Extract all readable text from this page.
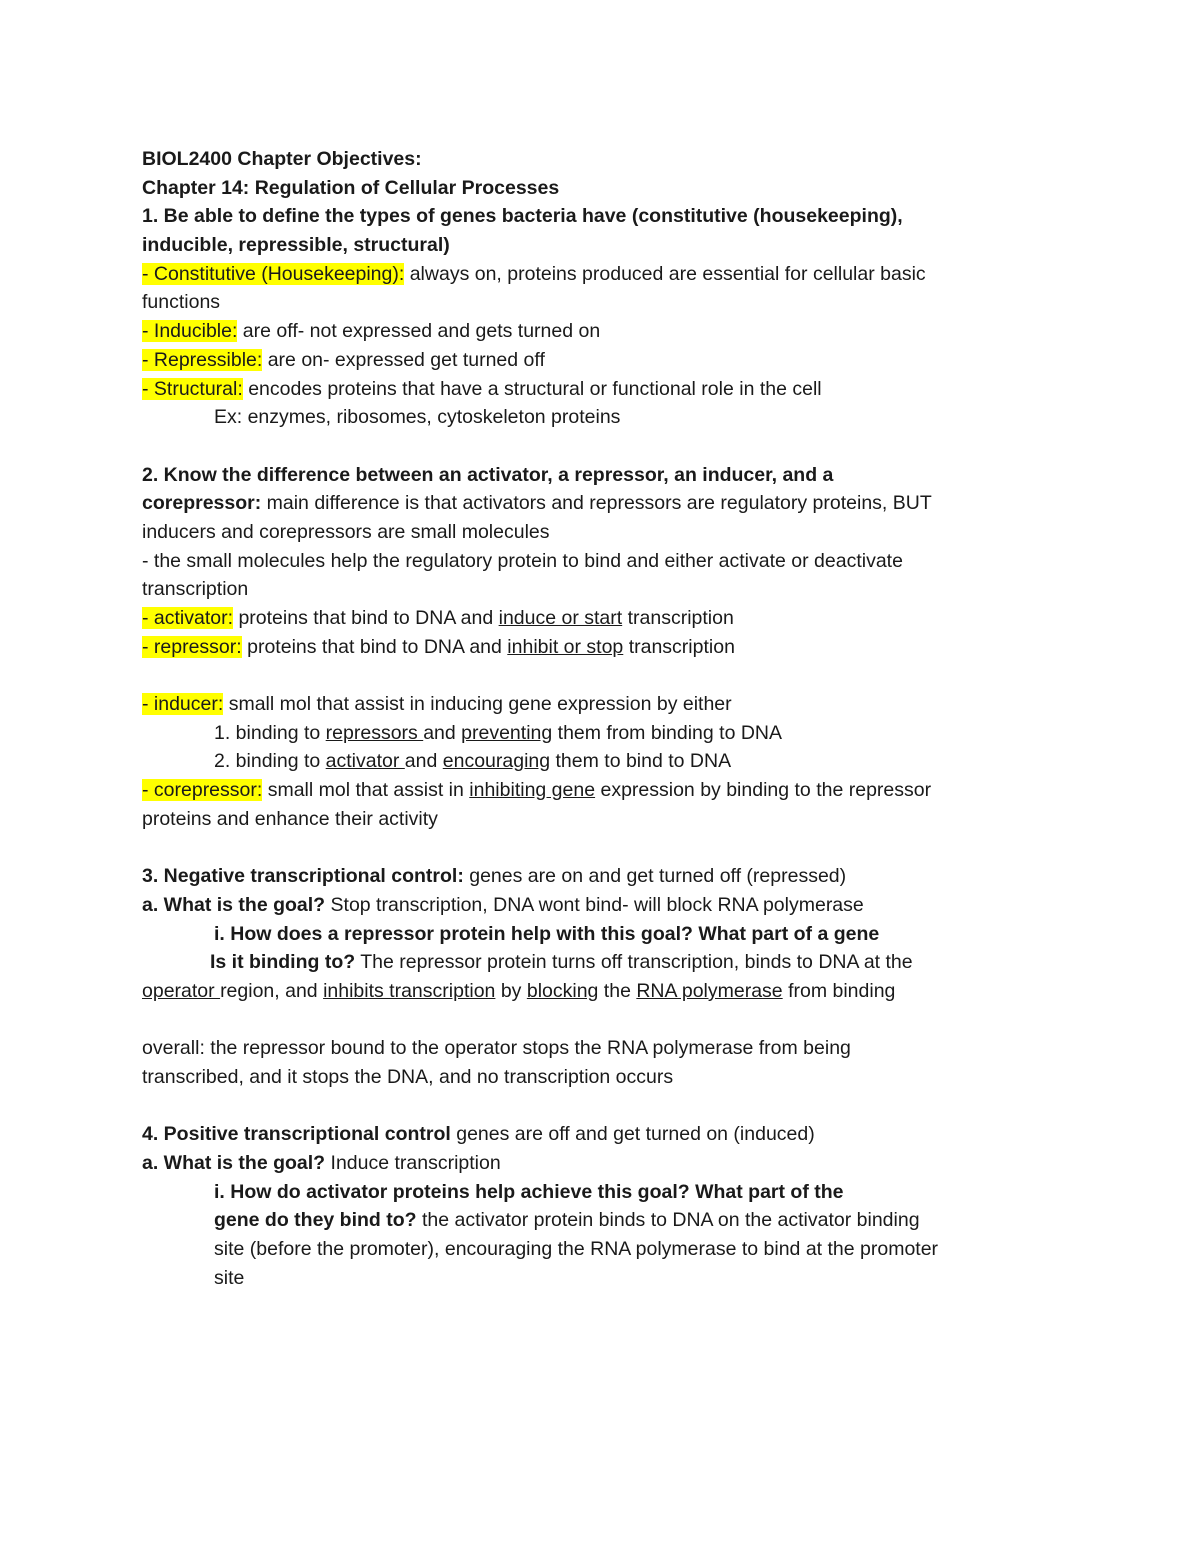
BIOL2400 Chapter Objectives:
Chapter 14: Regulation of Cellular Processes
1. Be able to define the types of genes bacteria have (constitutive (housekeeping),
inducible, repressible, structural)
- Constitutive (Housekeeping): always on, proteins produced are essential for cellular basic
functions
- Inducible: are off- not expressed and gets turned on
- Repressible: are on- expressed get turned off
- Structural: encodes proteins that have a structural or functional role in the cell
Ex: enzymes, ribosomes, cytoskeleton proteins
2. Know the difference between an activator, a repressor, an inducer, and a
corepressor: main difference is that activators and repressors are regulatory proteins, BUT
inducers and corepressors are small molecules
- the small molecules help the regulatory protein to bind and either activate or deactivate
transcription
- activator: proteins that bind to DNA and induce or start transcription
- repressor: proteins that bind to DNA and inhibit or stop transcription
- inducer: small mol that assist in inducing gene expression by either
1. binding to repressors and preventing them from binding to DNA
2. binding to activator and encouraging them to bind to DNA
- corepressor: small mol that assist in inhibiting gene expression by binding to the repressor
proteins and enhance their activity
3. Negative transcriptional control: genes are on and get turned off (repressed)
a. What is the goal? Stop transcription, DNA wont bind- will block RNA polymerase
i. How does a repressor protein help with this goal? What part of a gene
Is it binding to? The repressor protein turns off transcription, binds to DNA at the
operator region, and inhibits transcription by blocking the RNA polymerase from binding
overall: the repressor bound to the operator stops the RNA polymerase from being
transcribed, and it stops the DNA, and no transcription occurs
4. Positive transcriptional control genes are off and get turned on (induced)
a. What is the goal? Induce transcription
i. How do activator proteins help achieve this goal? What part of the
gene do they bind to? the activator protein binds to DNA on the activator binding
site (before the promoter), encouraging the RNA polymerase to bind at the promoter
site
